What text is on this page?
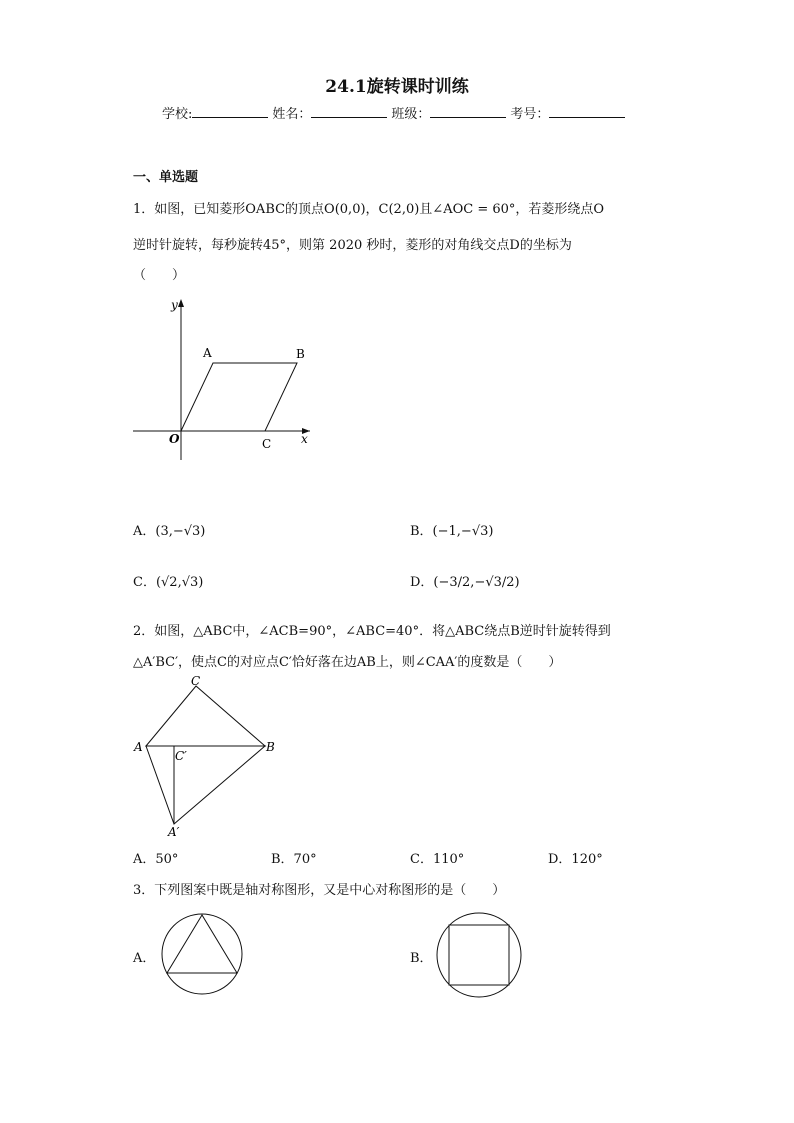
24.1旋转课时训练
学校:	姓名：	班级：	考号：
一、单选题
1．如图，已知菱形OABC的顶点O(0,0)，C(2,0)且∠AOC = 60°，若菱形绕点O
逆时针旋转，每秒旋转45°，则第 2020 秒时，菱形的对角线交点D的坐标为
（　　）
y
x
O
A	B
C
A．(3,−√3)	B．(−1,−√3)
C．(√2,√3)	D．(−3/2,−√3/2)
2．如图，△ABC中，∠ACB=90°，∠ABC=40°．将△ABC绕点B逆时针旋转得到
△A′BC′，使点C的对应点C′恰好落在边AB上，则∠CAA′的度数是（　　）
C
A	B
C′
A′
A．50°	B．70°	C．110°	D．120°
3．下列图案中既是轴对称图形，又是中心对称图形的是（　　）
A．	B．
